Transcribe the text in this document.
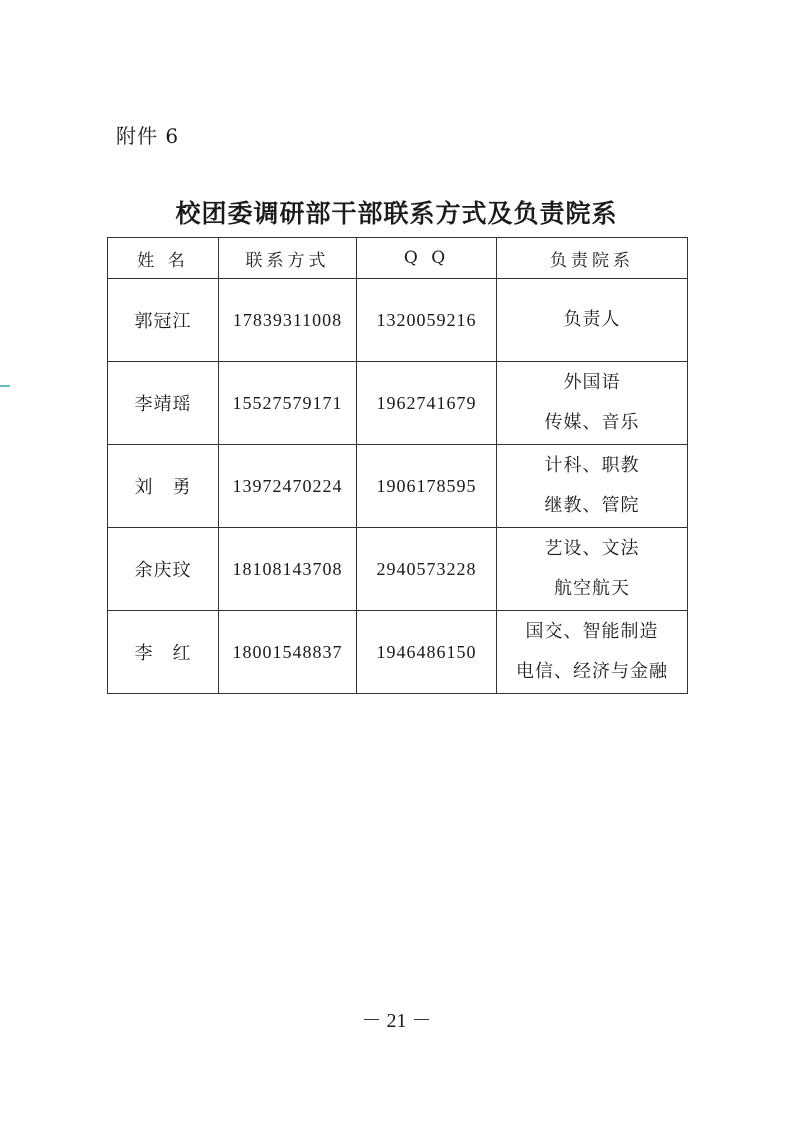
附件 6
校团委调研部干部联系方式及负责院系
姓 名	联系方式	Q Q	负责院系
郭冠江	17839311008	1320059216	负责人

李靖瑶	15527579171	1962741679	外国语
传媒、音乐

刘　勇	13972470224	1906178595	计科、职教
继教、管院

余庆玟	18108143708	2940573228	艺设、文法
航空航天

李　红	18001548837	1946486150	国交、智能制造
电信、经济与金融
－ 21 －
